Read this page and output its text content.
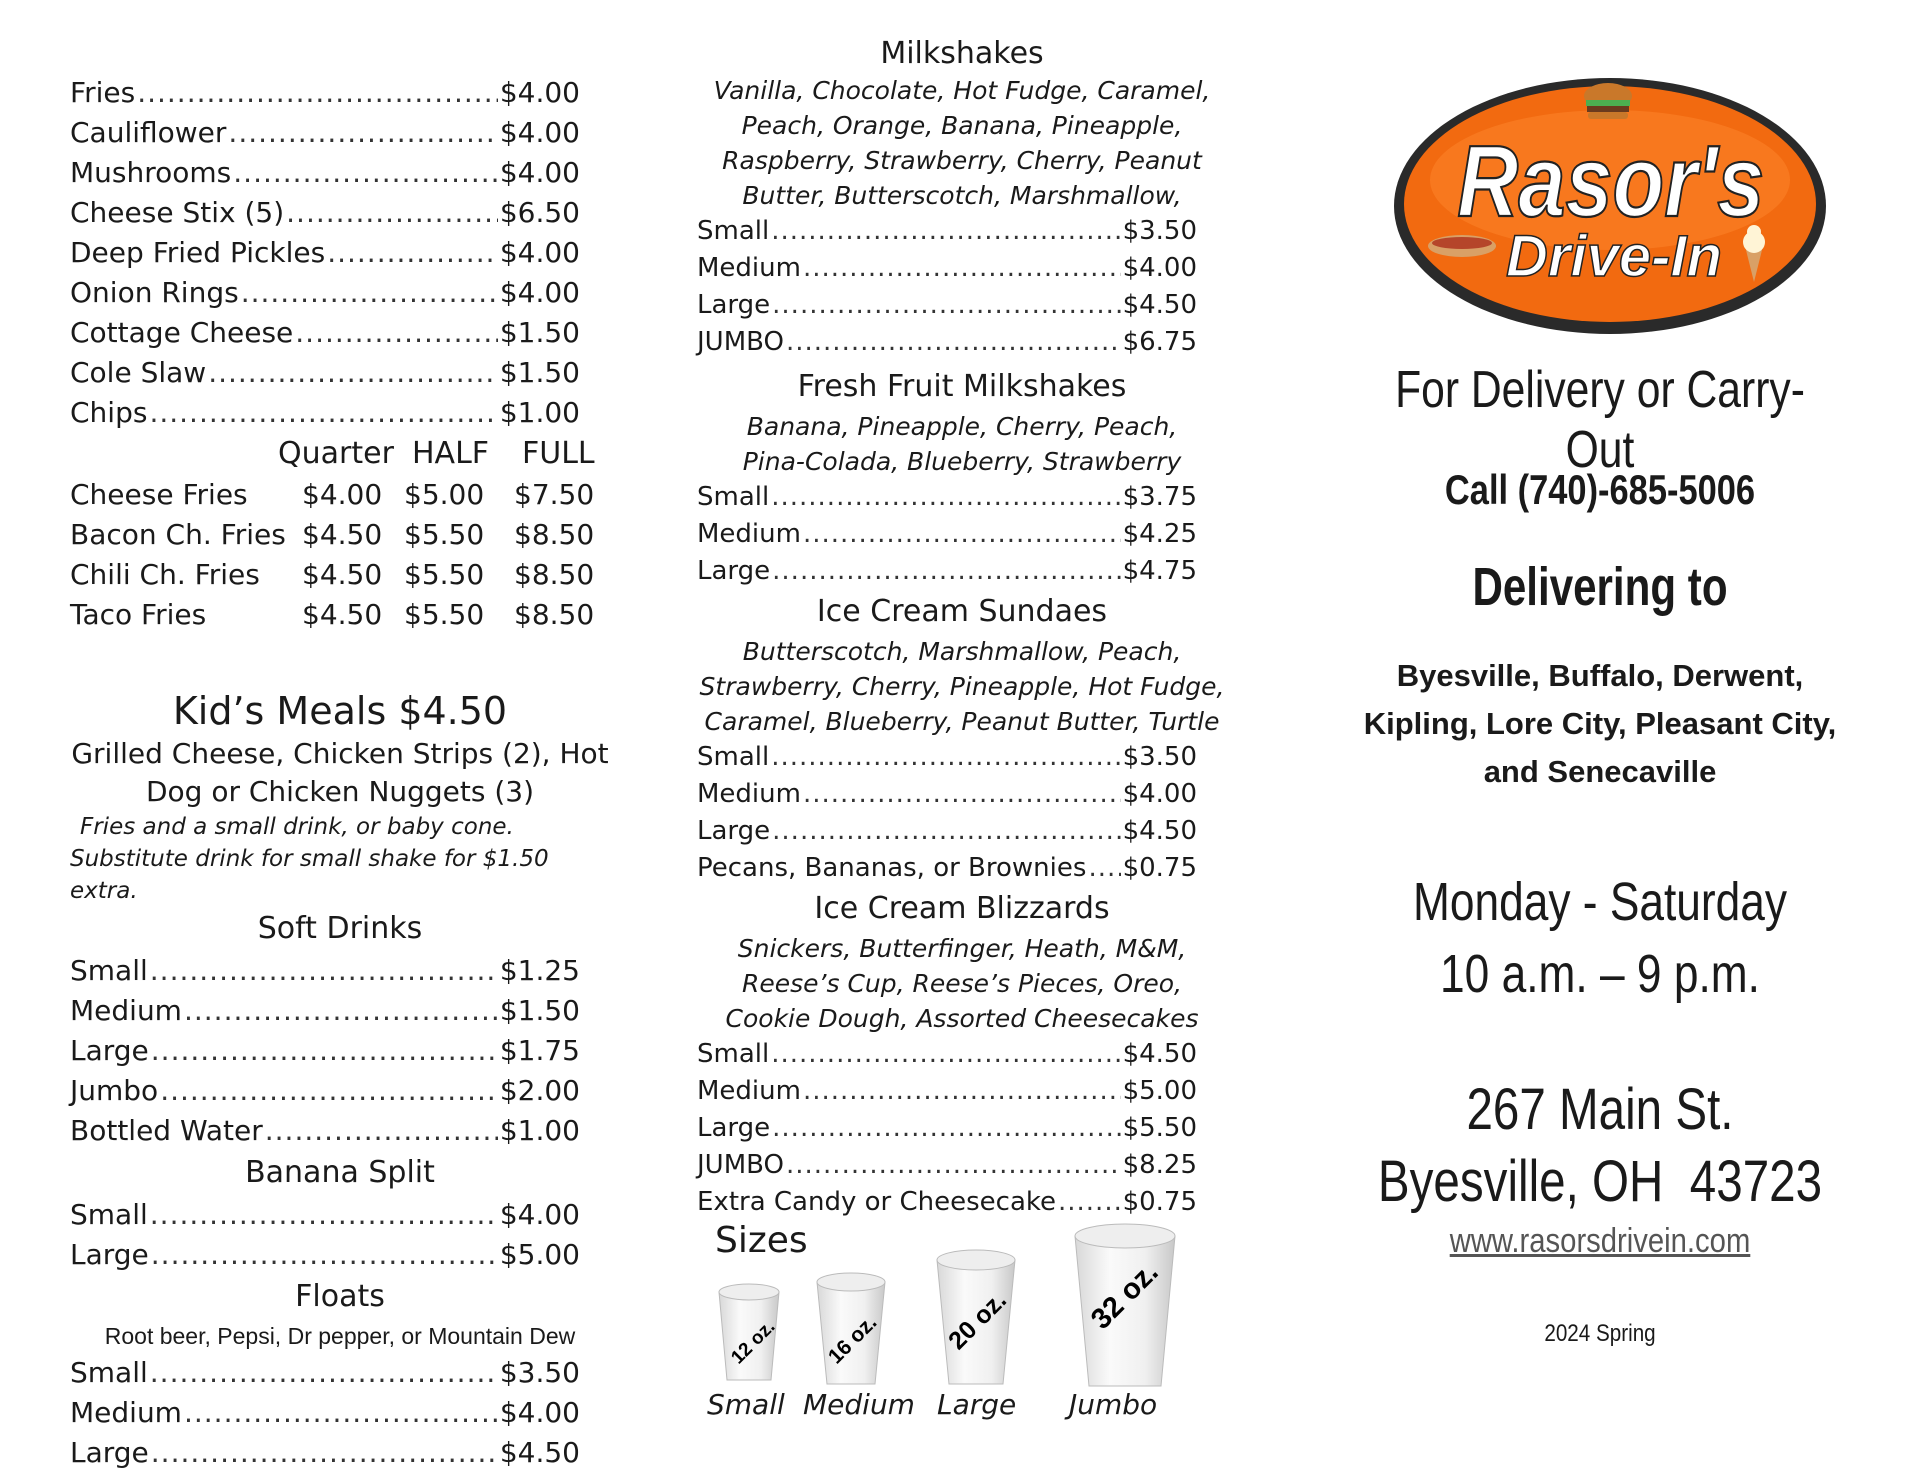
Fries .....	$4.00
Cauliflower .....	$4.00
Mushrooms .....	$4.00
Cheese Stix (5) .....	$6.50
Deep Fried Pickles .....	$4.00
Onion Rings .....	$4.00
Cottage Cheese .....	$1.50
Cole Slaw .....	$1.50
Chips .....	$1.00
Quarter HALF	FULL
Cheese Fries	$4.00 $5.00	$7.50
Bacon Ch. Fries $4.50 $5.50	$8.50
Chili Ch. Fries	$4.50 $5.50	$8.50
Taco Fries	$4.50 $5.50	$8.50
Kid’s Meals $4.50
Grilled Cheese, Chicken Strips (2), Hot
Dog or Chicken Nuggets (3)
Fries and a small drink, or baby cone.
Substitute drink for small shake for $1.50 extra.
Soft Drinks
Small .....	$1.25
Medium .....	$1.50
Large .....	$1.75
Jumbo .....	$2.00
Bottled Water .....	$1.00
Banana Split
Small .....	$4.00
Large .....	$5.00
Floats
Root beer, Pepsi, Dr pepper, or Mountain Dew
Small .....	$3.50
Medium .....	$4.00
Large .....	$4.50
Milkshakes
Vanilla, Chocolate, Hot Fudge, Caramel,
Peach, Orange, Banana, Pineapple,
Raspberry, Strawberry, Cherry, Peanut
Butter, Butterscotch, Marshmallow,
Small .....	$3.50
Medium .....	$4.00
Large .....	$4.50
JUMBO .....	$6.75
Fresh Fruit Milkshakes
Banana, Pineapple, Cherry, Peach,
Pina-Colada, Blueberry, Strawberry
Small .....	$3.75
Medium .....	$4.25
Large .....	$4.75
Ice Cream Sundaes
Butterscotch, Marshmallow, Peach,
Strawberry, Cherry, Pineapple, Hot Fudge,
Caramel, Blueberry, Peanut Butter, Turtle
Small .....	$3.50
Medium .....	$4.00
Large .....	$4.50
Pecans, Bananas, or Brownies ..... $0.75
Ice Cream Blizzards
Snickers, Butterfinger, Heath, M&M,
Reese’s Cup, Reese’s Pieces, Oreo,
Cookie Dough, Assorted Cheesecakes
Small .....	$4.50
Medium .....	$5.00
Large .....	$5.50
JUMBO .....	$8.25
Extra Candy or Cheesecake .....	$0.75
Sizes
12 oz. 16 oz. 20 oz.	32 oz.
Small Medium Large Jumbo
Rasor's
Drive-In
For Delivery or Carry-Out
Call (740)-685-5006
Delivering to
Byesville, Buffalo, Derwent,
Kipling, Lore City, Pleasant City,
and Senecaville
Monday - Saturday
10 a.m. – 9 p.m.
267 Main St.
Byesville, OH  43723
www.rasorsdrivein.com
2024 Spring
